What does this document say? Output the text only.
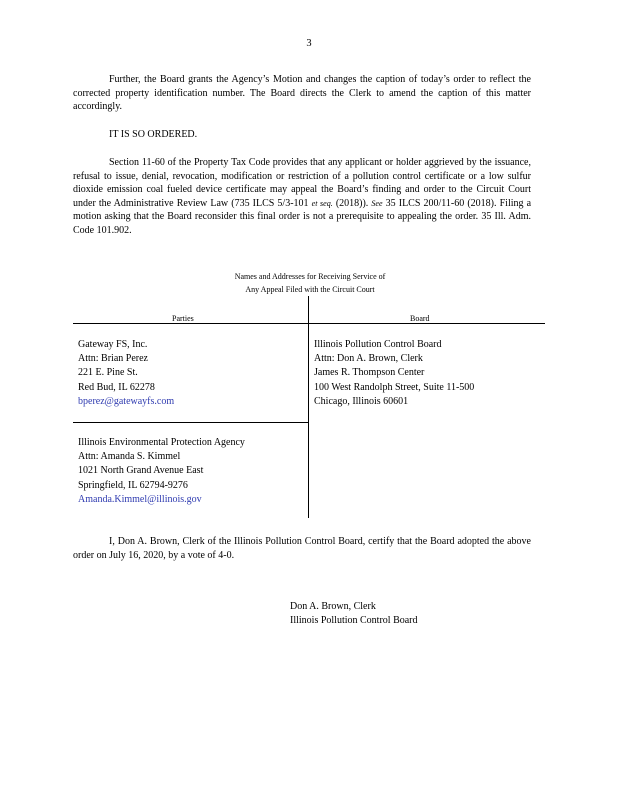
3

Further, the Board grants the Agency’s Motion and changes the caption of today’s order to reflect the corrected property identification number. The Board directs the Clerk to amend the caption of this matter accordingly.

IT IS SO ORDERED.

Section 11-60 of the Property Tax Code provides that any applicant or holder aggrieved by the issuance, refusal to issue, denial, revocation, modification or restriction of a pollution control certificate or a low sulfur dioxide emission coal fueled device certificate may appeal the Board’s finding and order to the Circuit Court under the Administrative Review Law (735 ILCS 5/3-101 et seq. (2018)). See 35 ILCS 200/11-60 (2018). Filing a motion asking that the Board reconsider this final order is not a prerequisite to appealing the order. 35 Ill. Adm. Code 101.902.

Names and Addresses for Receiving Service of
Any Appeal Filed with the Circuit Court
Parties	Board
Gateway FS, Inc.
Attn: Brian Perez
221 E. Pine St.
Red Bud, IL 62278
bperez@gatewayfs.com
Illinois Pollution Control Board
Attn: Don A. Brown, Clerk
James R. Thompson Center
100 West Randolph Street, Suite 11-500
Chicago, Illinois 60601
Illinois Environmental Protection Agency
Attn: Amanda S. Kimmel
1021 North Grand Avenue East
Springfield, IL 62794-9276
Amanda.Kimmel@illinois.gov

I, Don A. Brown, Clerk of the Illinois Pollution Control Board, certify that the Board adopted the above order on July 16, 2020, by a vote of 4-0.

Don A. Brown, Clerk
Illinois Pollution Control Board
